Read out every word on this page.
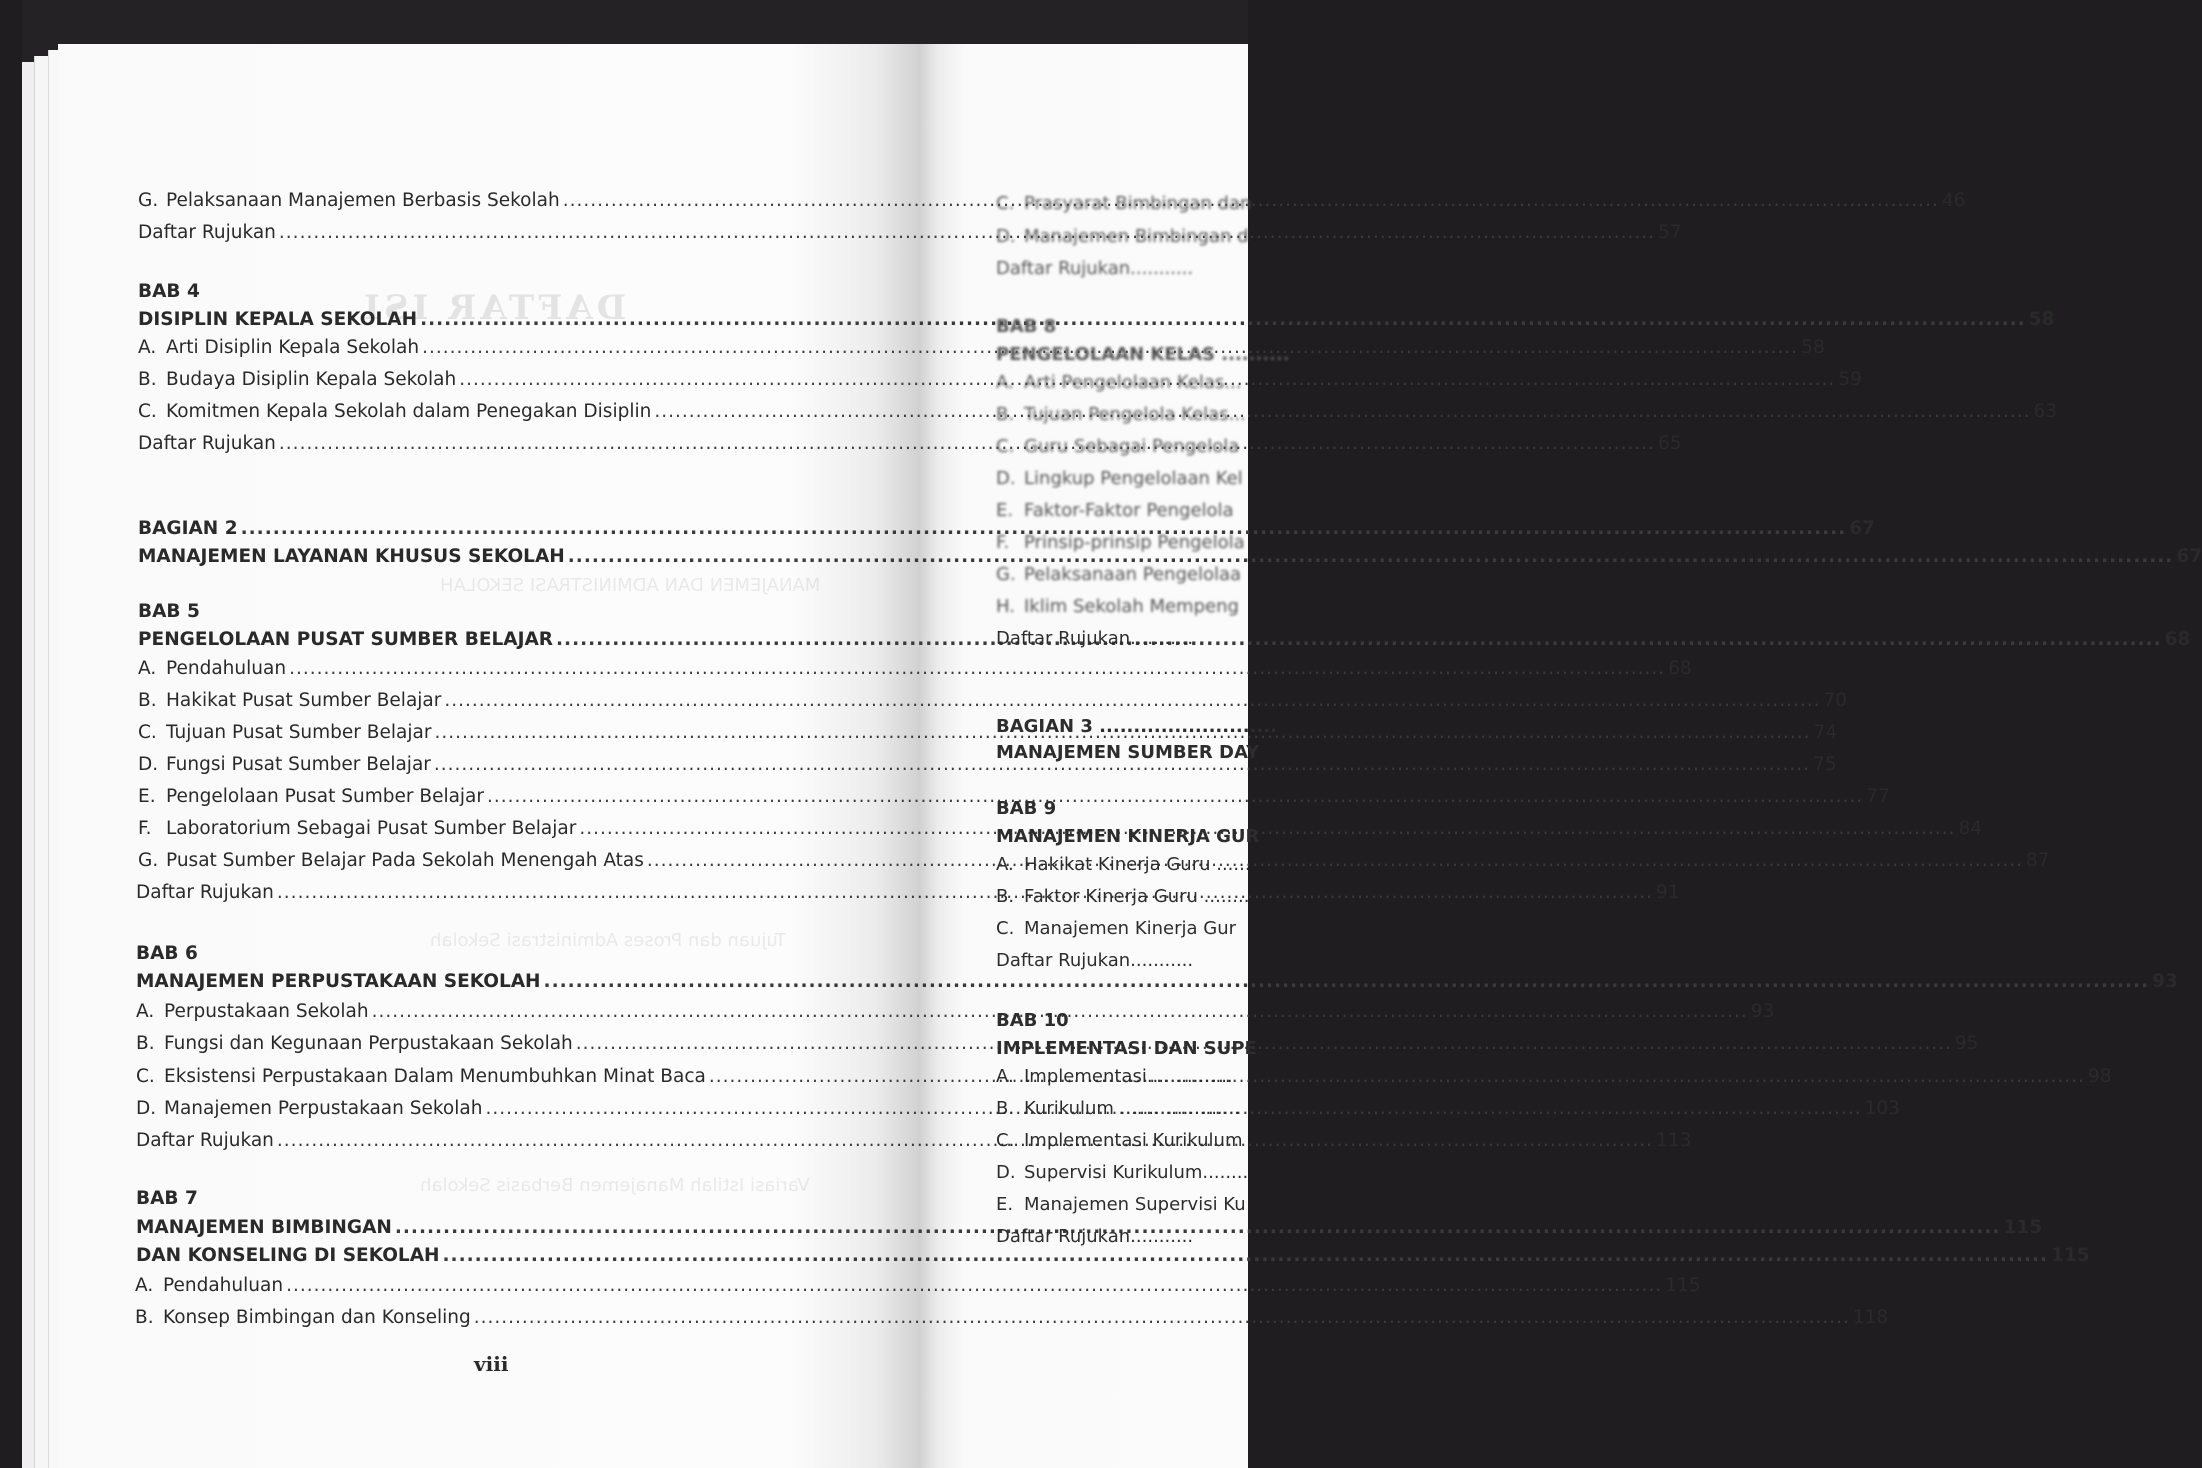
DAFTAR ISI
MANAJEMEN DAN ADMINISTRASI SEKOLAH
Tujuan dan Proses Administrasi Sekolah
Variasi Istilah Manajemen Berbasis Sekolah
G. Pelaksanaan Manajemen Berbasis Sekolah .....	46
Daftar Rujukan .....	57
BAB 4
DISIPLIN KEPALA SEKOLAH .....	58
A. Arti Disiplin Kepala Sekolah .....	58
B. Budaya Disiplin Kepala Sekolah .....	59
C. Komitmen Kepala Sekolah dalam Penegakan Disiplin .....	63
Daftar Rujukan .....	65
BAGIAN 2 .....	67
MANAJEMEN LAYANAN KHUSUS SEKOLAH .....	67
BAB 5
PENGELOLAAN PUSAT SUMBER BELAJAR .....	68
A. Pendahuluan .....	68
B. Hakikat Pusat Sumber Belajar .....	70
C. Tujuan Pusat Sumber Belajar .....	74
D. Fungsi Pusat Sumber Belajar .....	75
E. Pengelolaan Pusat Sumber Belajar .....	77
F. Laboratorium Sebagai Pusat Sumber Belajar .....	84
G. Pusat Sumber Belajar Pada Sekolah Menengah Atas .....	87
Daftar Rujukan .....	91
BAB 6
MANAJEMEN PERPUSTAKAAN SEKOLAH .....	93
A. Perpustakaan Sekolah .....	93
B. Fungsi dan Kegunaan Perpustakaan Sekolah .....	95
C. Eksistensi Perpustakaan Dalam Menumbuhkan Minat Baca .....	98
D. Manajemen Perpustakaan Sekolah .....	103
Daftar Rujukan .....	113
BAB 7
MANAJEMEN BIMBINGAN .....	115
DAN KONSELING DI SEKOLAH .....	115
A. Pendahuluan .....	115
B. Konsep Bimbingan dan Konseling .....	118
viii
C. Prasyarat Bimbingan dan
D. Manajemen Bimbingan d
Daftar Rujukan...........
BAB 8
PENGELOLAAN KELAS ..........
A. Arti Pengelolaan Kelas...
B. Tujuan Pengelola Kelas...
C. Guru Sebagai Pengelola
D. Lingkup Pengelolaan Kel
E. Faktor-Faktor Pengelola
F. Prinsip-prinsip Pengelola
G. Pelaksanaan Pengelolaa
H. Iklim Sekolah Mempeng
Daftar Rujukan...........
BAGIAN 3 ..........................
MANAJEMEN SUMBER DAY
BAB 9
MANAJEMEN KINERJA GUR
A. Hakikat Kinerja Guru ......
B. Faktor Kinerja Guru ........
C. Manajemen Kinerja Gur
Daftar Rujukan...........
BAB 10
IMPLEMENTASI DAN SUPE
A. Implementasi...............
B. Kurikulum .....................
C. Implementasi Kurikulum
D. Supervisi Kurikulum........
E. Manajemen Supervisi Ku
Daftar Rujukan...........
